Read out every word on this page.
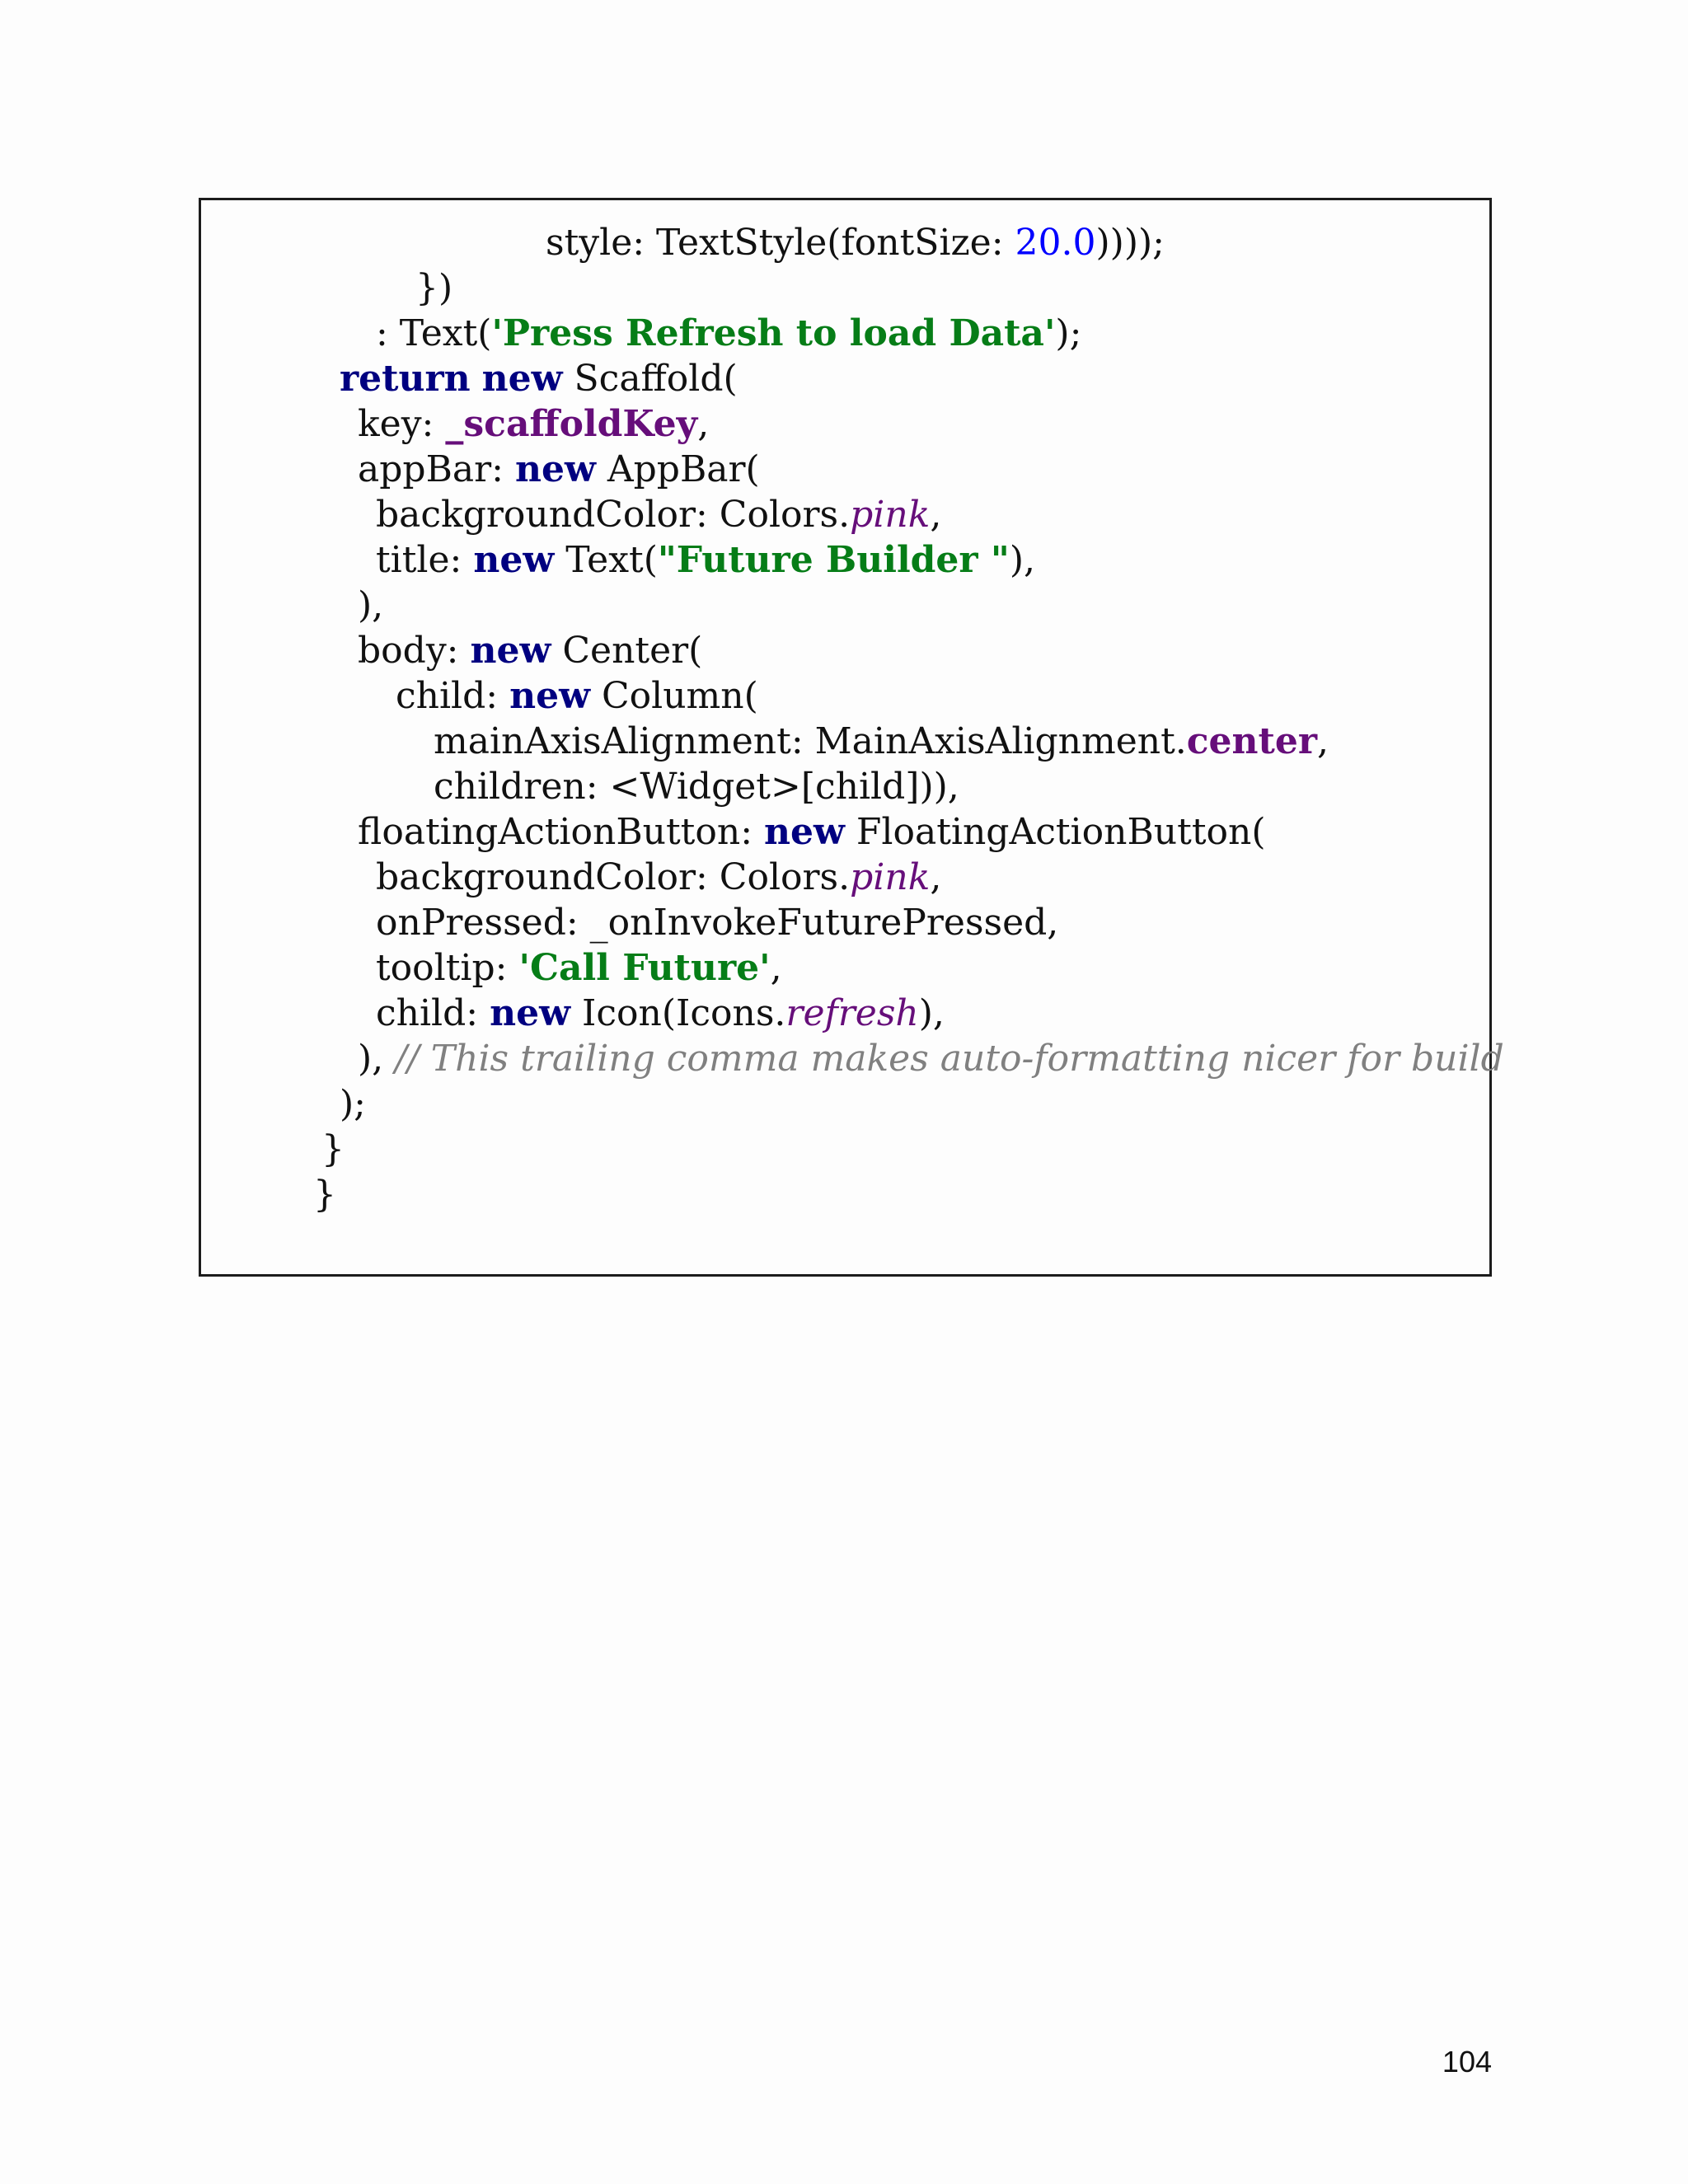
style: TextStyle(fontSize: 20.0))));
})
: Text('Press Refresh to load Data');
return new Scaffold(
key: _scaffoldKey,
appBar: new AppBar(
backgroundColor: Colors.pink,
title: new Text("Future Builder "),
),
body: new Center(
child: new Column(
mainAxisAlignment: MainAxisAlignment.center,
children: <Widget>[child])),
floatingActionButton: new FloatingActionButton(
backgroundColor: Colors.pink,
onPressed: _onInvokeFuturePressed,
tooltip: 'Call Future',
child: new Icon(Icons.refresh),
), // This trailing comma makes auto-formatting nicer for build
);
}
}
104
